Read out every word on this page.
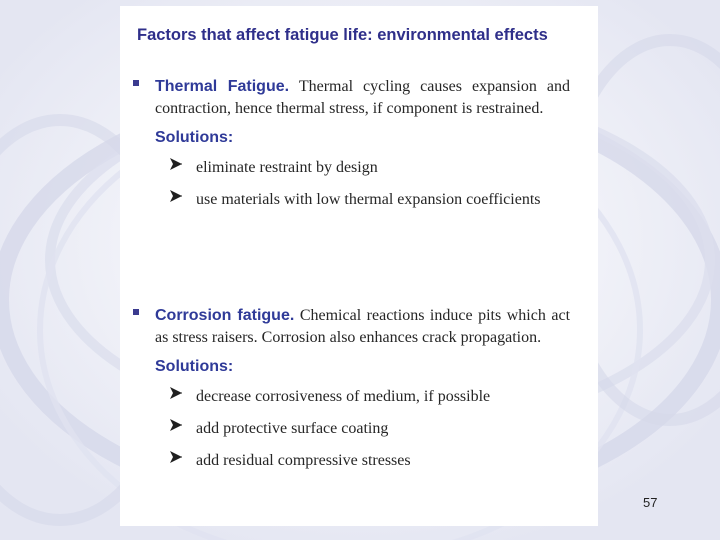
Factors that affect fatigue life: environmental effects
Thermal Fatigue. Thermal cycling causes expansion and contraction, hence thermal stress, if component is restrained.
Solutions:
eliminate restraint by design
use materials with low thermal expansion coefficients
Corrosion fatigue. Chemical reactions induce pits which act as stress raisers. Corrosion also enhances crack propagation.
Solutions:
decrease corrosiveness of medium, if possible
add protective surface coating
add residual compressive stresses
57
